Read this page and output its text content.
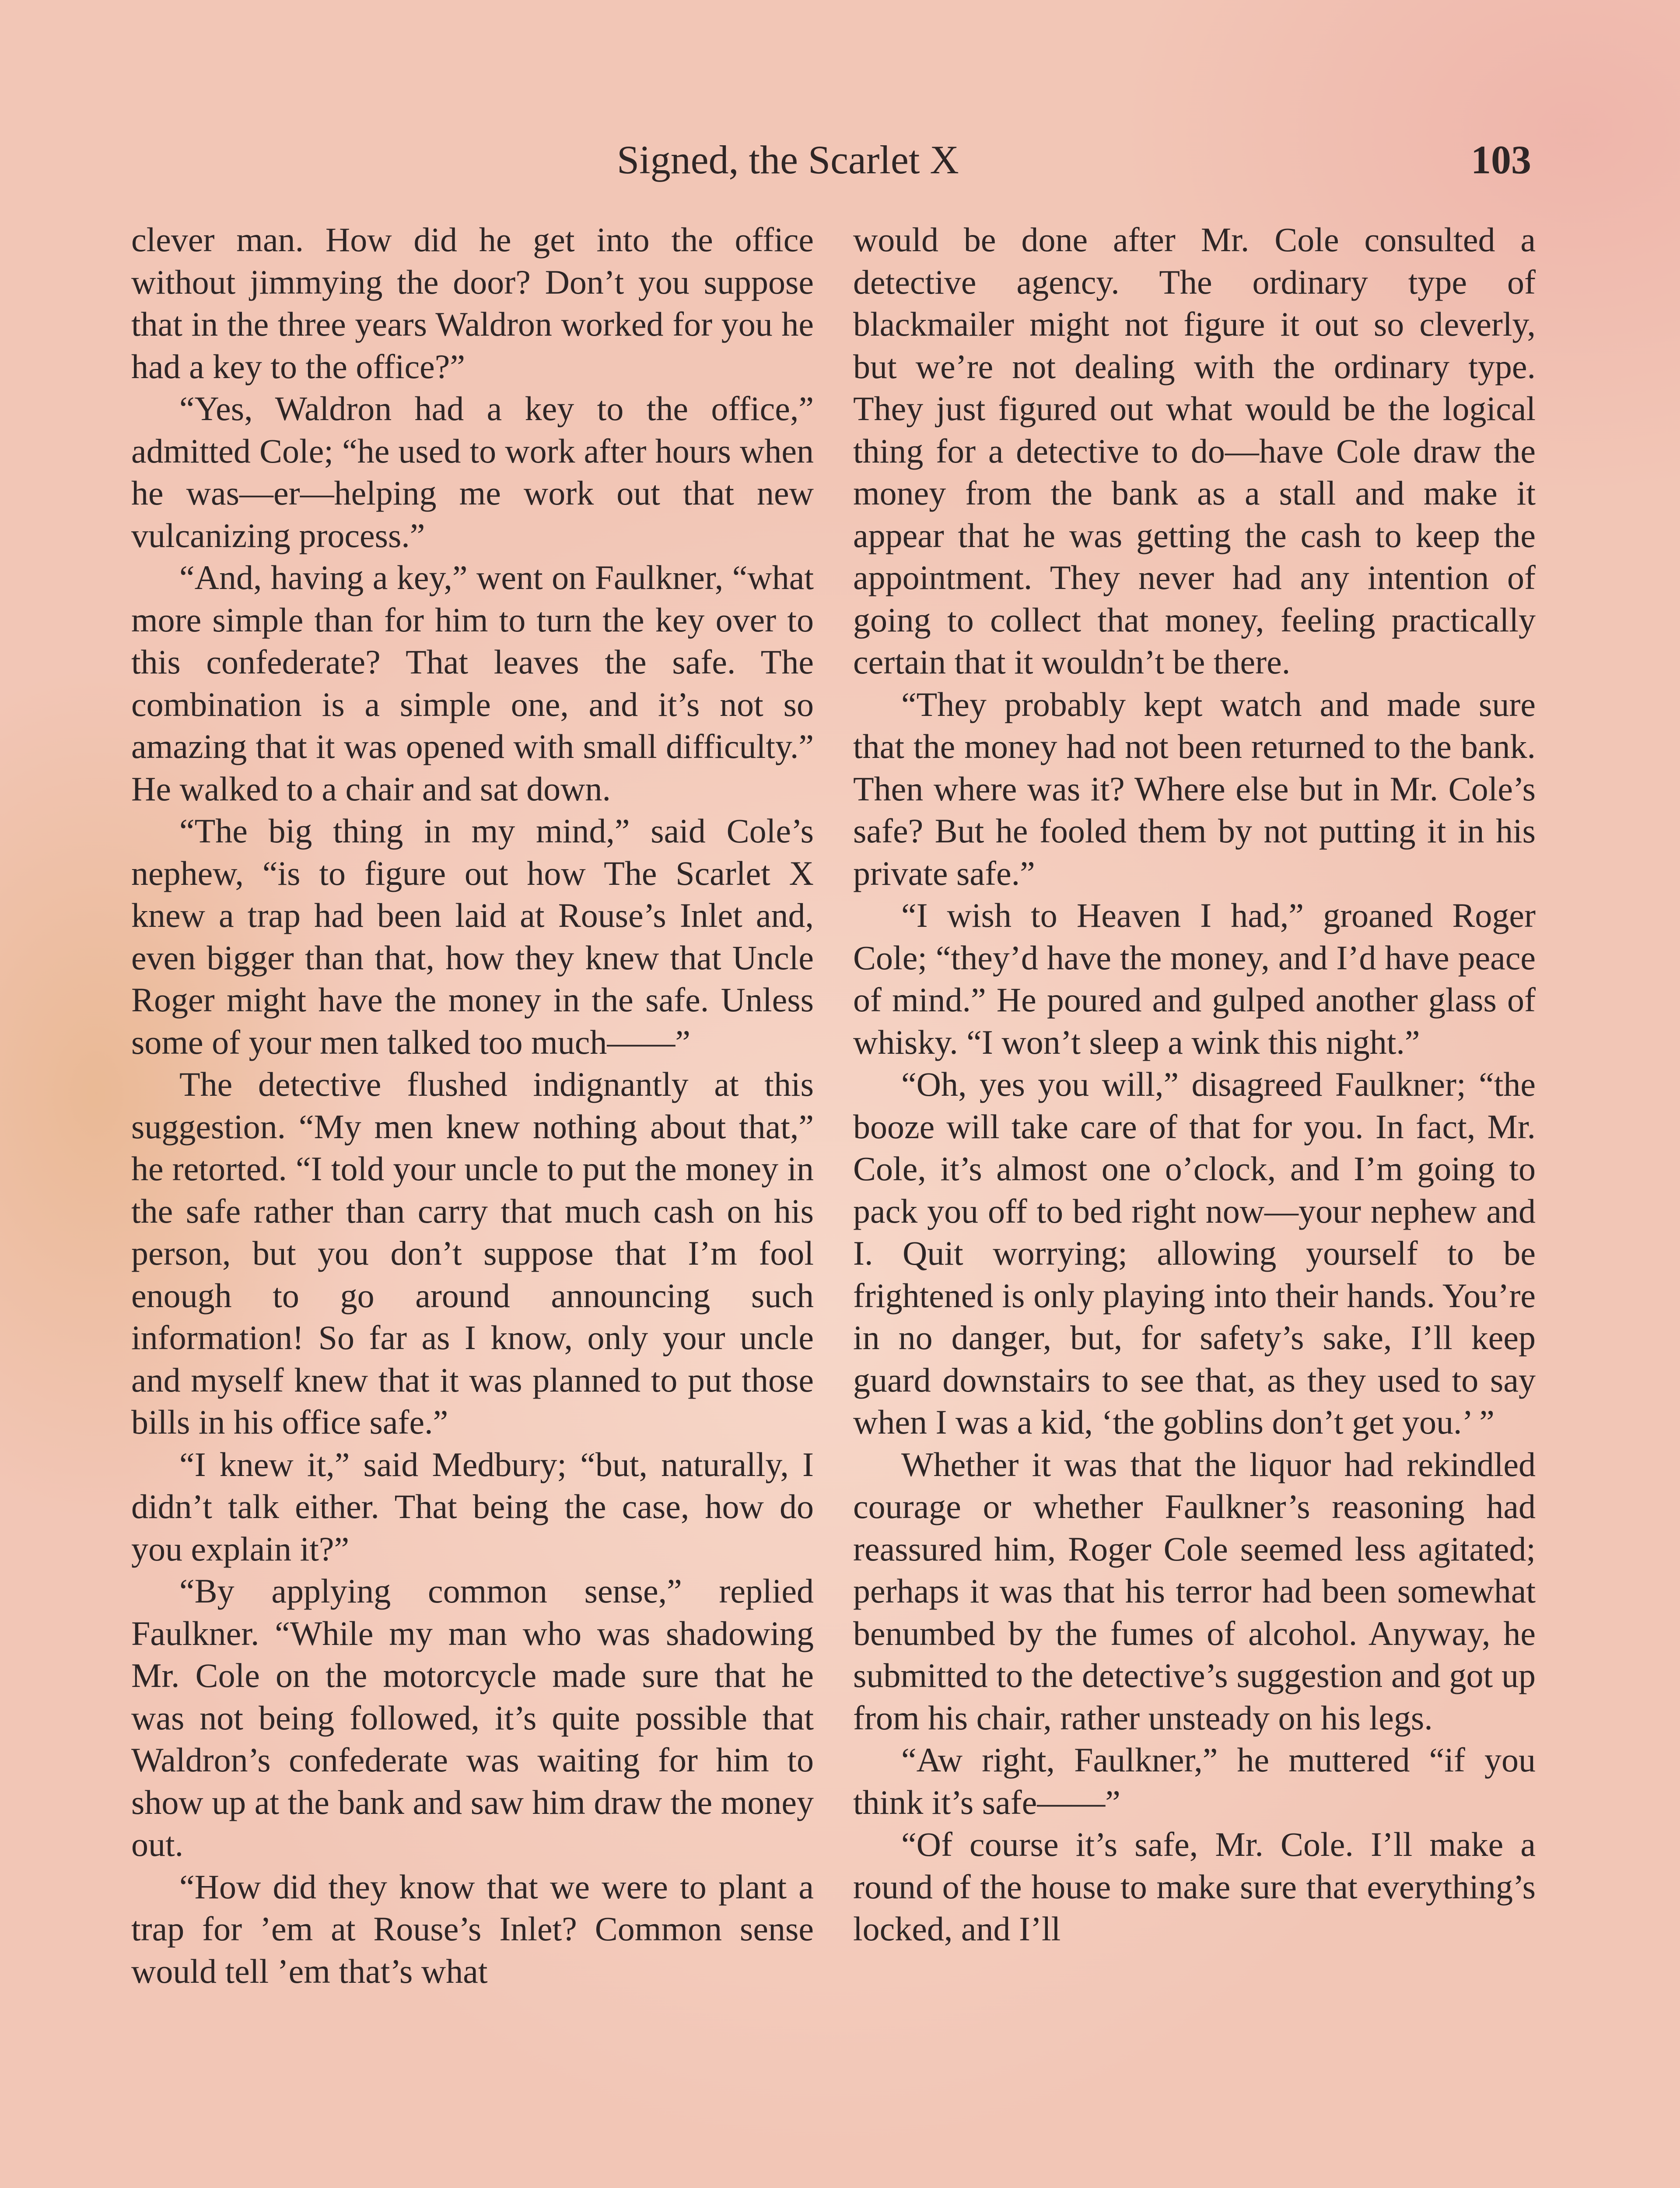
Signed, the Scarlet X	103

clever man. How did he get into the office without jimmying the door? Don’t you suppose that in the three years Waldron worked for you he had a key to the office?”

“Yes, Waldron had a key to the office,” admitted Cole; “he used to work after hours when he was—er—helping me work out that new vulcanizing process.”

“And, having a key,” went on Faulkner, “what more simple than for him to turn the key over to this confederate? That leaves the safe. The combination is a simple one, and it’s not so amazing that it was opened with small difficulty.” He walked to a chair and sat down.

“The big thing in my mind,” said Cole’s nephew, “is to figure out how The Scarlet X knew a trap had been laid at Rouse’s Inlet and, even bigger than that, how they knew that Uncle Roger might have the money in the safe. Unless some of your men talked too much——”

The detective flushed indignantly at this suggestion. “My men knew nothing about that,” he retorted. “I told your uncle to put the money in the safe rather than carry that much cash on his person, but you don’t suppose that I’m fool enough to go around announcing such information! So far as I know, only your uncle and myself knew that it was planned to put those bills in his office safe.”

“I knew it,” said Medbury; “but, naturally, I didn’t talk either. That being the case, how do you explain it?”

“By applying common sense,” replied Faulkner. “While my man who was shadowing Mr. Cole on the motorcycle made sure that he was not being followed, it’s quite possible that Waldron’s confederate was waiting for him to show up at the bank and saw him draw the money out.

“How did they know that we were to plant a trap for ’em at Rouse’s Inlet? Common sense would tell ’em that’s what

would be done after Mr. Cole consulted a detective agency. The ordinary type of blackmailer might not figure it out so cleverly, but we’re not dealing with the ordinary type. They just figured out what would be the logical thing for a detective to do—have Cole draw the money from the bank as a stall and make it appear that he was getting the cash to keep the appointment. They never had any intention of going to collect that money, feeling practically certain that it wouldn’t be there.

“They probably kept watch and made sure that the money had not been returned to the bank. Then where was it? Where else but in Mr. Cole’s safe? But he fooled them by not putting it in his private safe.”

“I wish to Heaven I had,” groaned Roger Cole; “they’d have the money, and I’d have peace of mind.” He poured and gulped another glass of whisky. “I won’t sleep a wink this night.”

“Oh, yes you will,” disagreed Faulkner; “the booze will take care of that for you. In fact, Mr. Cole, it’s almost one o’clock, and I’m going to pack you off to bed right now—your nephew and I. Quit worrying; allowing yourself to be frightened is only playing into their hands. You’re in no danger, but, for safety’s sake, I’ll keep guard downstairs to see that, as they used to say when I was a kid, ‘the goblins don’t get you.’ ”

Whether it was that the liquor had rekindled courage or whether Faulkner’s reasoning had reassured him, Roger Cole seemed less agitated; perhaps it was that his terror had been somewhat benumbed by the fumes of alcohol. Anyway, he submitted to the detective’s suggestion and got up from his chair, rather unsteady on his legs.

“Aw right, Faulkner,” he muttered “if you think it’s safe——”

“Of course it’s safe, Mr. Cole. I’ll make a round of the house to make sure that everything’s locked, and I’ll
